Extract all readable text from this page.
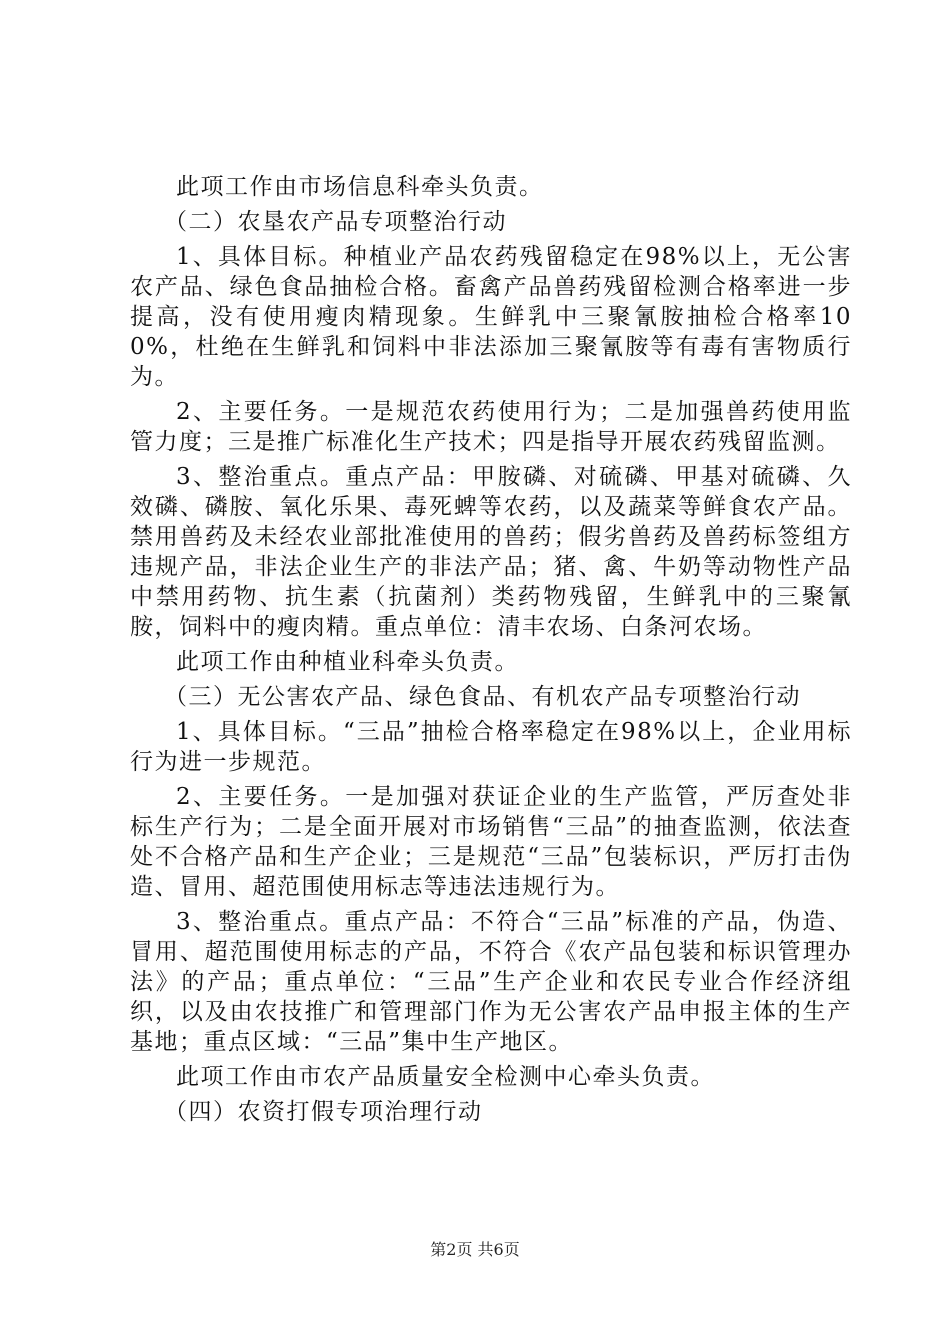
此项工作由市场信息科牵头负责。

（二）农垦农产品专项整治行动

1、具体目标。种植业产品农药残留稳定在98%以上，无公害农产品、绿色食品抽检合格。畜禽产品兽药残留检测合格率进一步提高，没有使用瘦肉精现象。生鲜乳中三聚氰胺抽检合格率100%，杜绝在生鲜乳和饲料中非法添加三聚氰胺等有毒有害物质行为。

2、主要任务。一是规范农药使用行为；二是加强兽药使用监管力度；三是推广标准化生产技术；四是指导开展农药残留监测。

3、整治重点。重点产品：甲胺磷、对硫磷、甲基对硫磷、久效磷、磷胺、氧化乐果、毒死蜱等农药，以及蔬菜等鲜食农产品。禁用兽药及未经农业部批准使用的兽药；假劣兽药及兽药标签组方违规产品，非法企业生产的非法产品；猪、禽、牛奶等动物性产品中禁用药物、抗生素（抗菌剂）类药物残留，生鲜乳中的三聚氰胺，饲料中的瘦肉精。重点单位：清丰农场、白条河农场。

此项工作由种植业科牵头负责。

（三）无公害农产品、绿色食品、有机农产品专项整治行动

1、具体目标。“三品”抽检合格率稳定在98%以上，企业用标行为进一步规范。

2、主要任务。一是加强对获证企业的生产监管，严厉查处非标生产行为；二是全面开展对市场销售“三品”的抽查监测，依法查处不合格产品和生产企业；三是规范“三品”包装标识，严厉打击伪造、冒用、超范围使用标志等违法违规行为。

3、整治重点。重点产品：不符合“三品”标准的产品，伪造、冒用、超范围使用标志的产品，不符合《农产品包装和标识管理办法》的产品；重点单位：“三品”生产企业和农民专业合作经济组织，以及由农技推广和管理部门作为无公害农产品申报主体的生产基地；重点区域：“三品”集中生产地区。

此项工作由市农产品质量安全检测中心牵头负责。

（四）农资打假专项治理行动

第2页 共6页
